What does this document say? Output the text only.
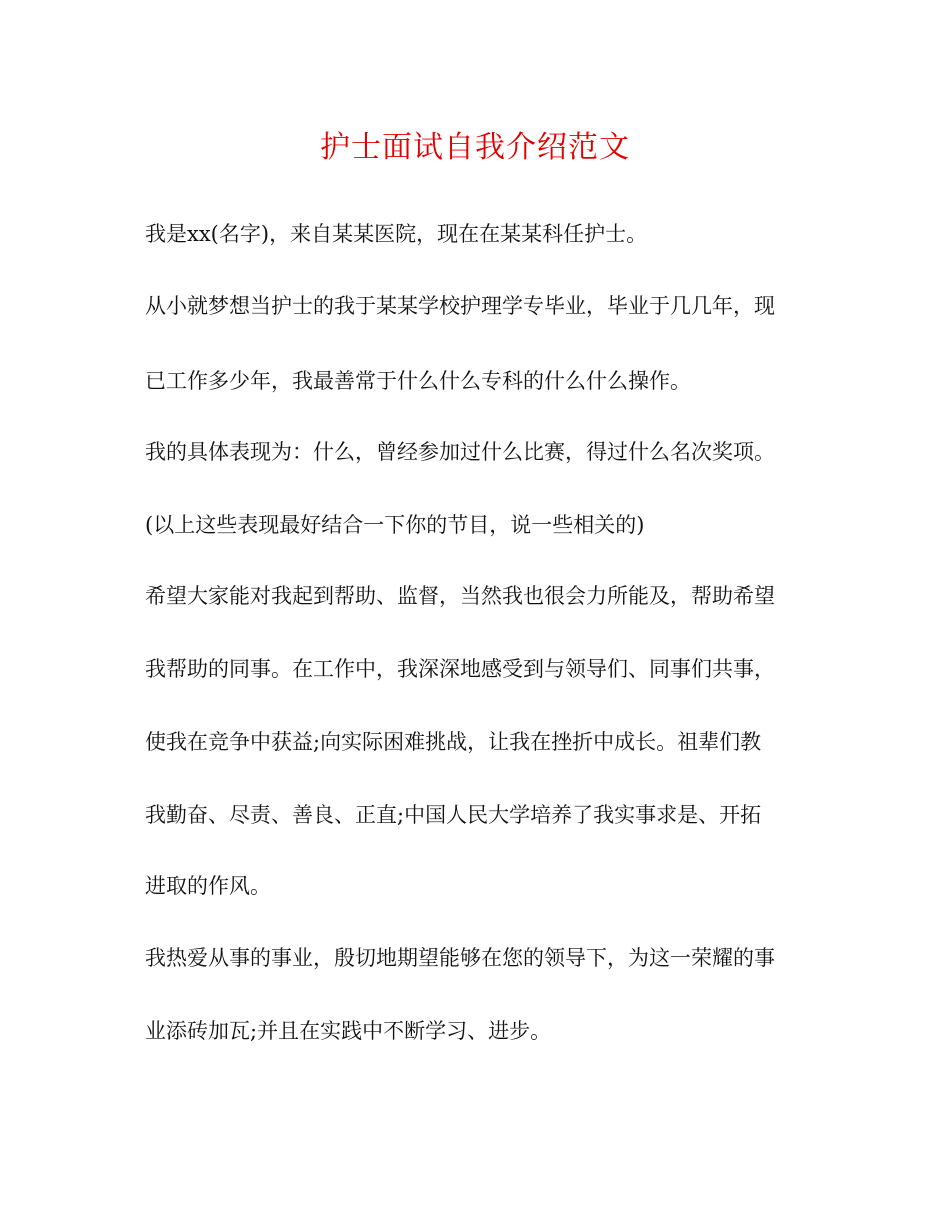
护士面试自我介绍范文
我是xx(名字)，来自某某医院，现在在某某科任护士。
从小就梦想当护士的我于某某学校护理学专毕业，毕业于几几年，现
已工作多少年，我最善常于什么什么专科的什么什么操作。
我的具体表现为：什么，曾经参加过什么比赛，得过什么名次奖项。
(以上这些表现最好结合一下你的节目，说一些相关的)
希望大家能对我起到帮助、监督，当然我也很会力所能及，帮助希望
我帮助的同事。在工作中，我深深地感受到与领导们、同事们共事，
使我在竞争中获益;向实际困难挑战，让我在挫折中成长。祖辈们教
我勤奋、尽责、善良、正直;中国人民大学培养了我实事求是、开拓
进取的作风。
我热爱从事的事业，殷切地期望能够在您的领导下，为这一荣耀的事
业添砖加瓦;并且在实践中不断学习、进步。
